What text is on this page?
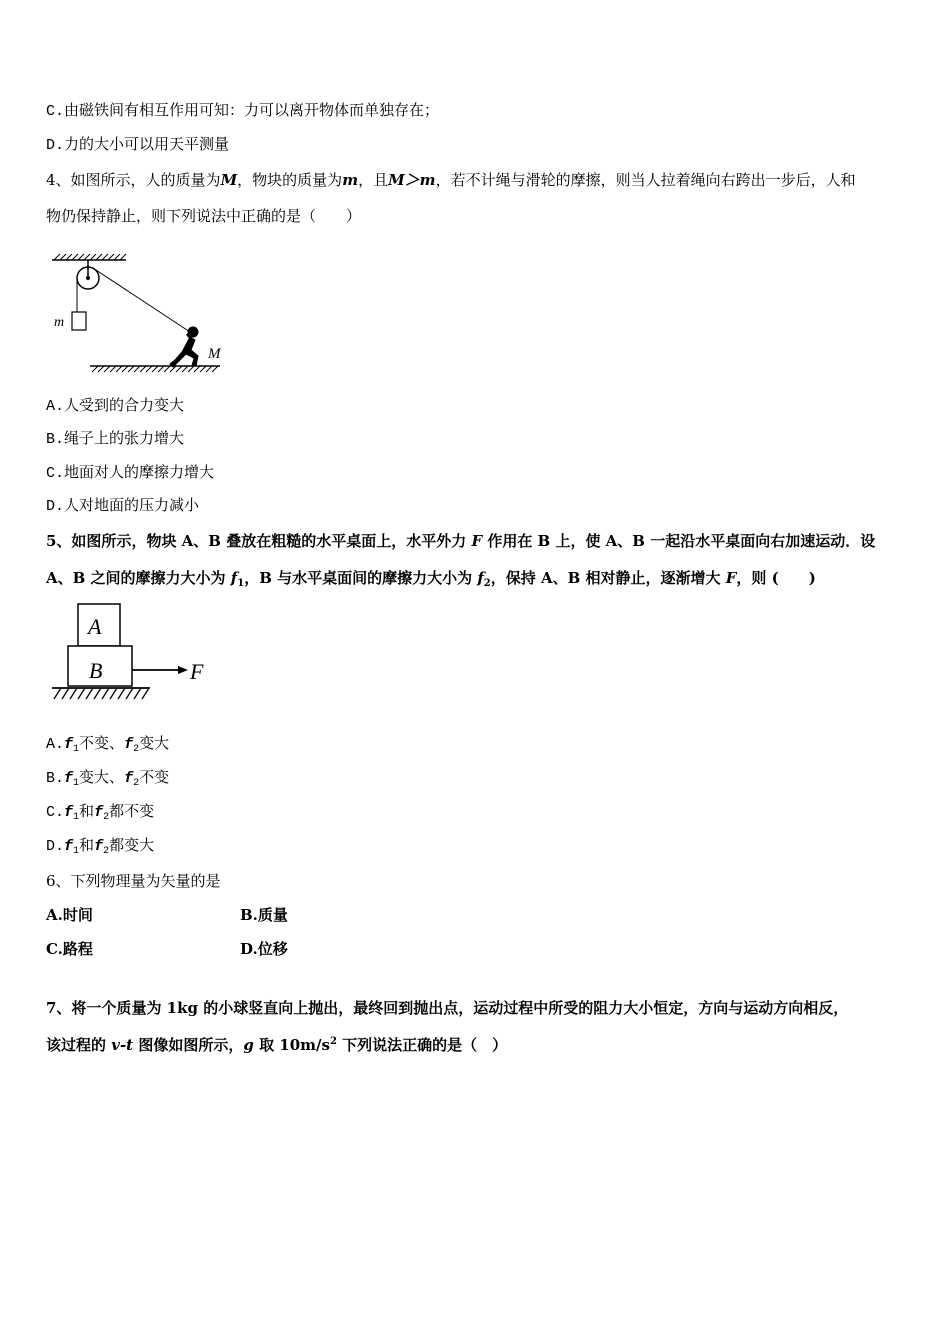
C.由磁铁间有相互作用可知：力可以离开物体而单独存在；
D.力的大小可以用天平测量
4、如图所示，人的质量为M，物块的质量为m，且M＞m，若不计绳与滑轮的摩擦，则当人拉着绳向右跨出一步后，人和
物仍保持静止，则下列说法中正确的是（　　）
m
M
A.人受到的合力变大
B.绳子上的张力增大
C.地面对人的摩擦力增大
D.人对地面的压力减小
5、如图所示，物块 A、B 叠放在粗糙的水平桌面上，水平外力 F 作用在 B 上，使 A、B 一起沿水平桌面向右加速运动．设
A、B 之间的摩擦力大小为 $f_1$，B 与水平桌面间的摩擦力大小为 $f_2$，保持 A、B 相对静止，逐渐增大 F，则 (　　)
A
B	F
$A.f_1$不变、$f_2$变大
$B.f_1$变大、$f_2$不变
$C.f_1$和$f_2$都不变
$D.f_1$和$f_2$都变大
6、下列物理量为矢量的是
A.时间	B.质量
C.路程	D.位移
7、将一个质量为 1kg 的小球竖直向上抛出，最终回到抛出点，运动过程中所受的阻力大小恒定，方向与运动方向相反，
该过程的 v-t 图像如图所示，g 取 $10m/s^2$ 下列说法正确的是（　）
